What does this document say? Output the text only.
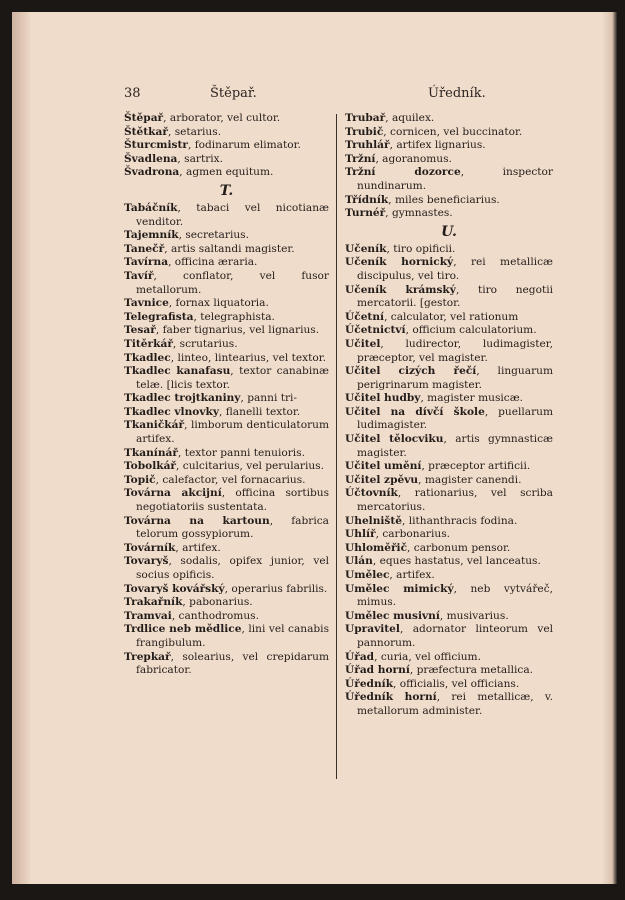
38	Štěpař.	Úředník.

Štěpař, arborator, vel cultor.

Štětkař, setarius.

Šturcmistr, fodinarum elimator.

Švadlena, sartrix.

Švadrona, agmen equitum.

T.

Tabáčník, tabaci vel nicotianæ venditor.

Tajemník, secretarius.

Tanečř, artis saltandi magister.

Tavírna, officina æraria.

Tavíř, conflator, vel fusor metallorum.

Tavnice, fornax liquatoria.

Telegrafista, telegraphista.

Tesař, faber tignarius, vel lignarius.

Titěrkář, scrutarius.

Tkadlec, linteo, lintearius, vel textor.

Tkadlec kanafasu, textor canabinæ telæ. [licis textor.

Tkadlec trojtkaniny, panni tri-

Tkadlec vlnovky, flanelli textor.

Tkaničkář, limborum denticulatorum artifex.

Tkanínář, textor panni tenuioris.

Tobolkář, culcitarius, vel perularius.

Topič, calefactor, vel fornacarius.

Továrna akcijní, officina sortibus negotiatoriis sustentata.

Továrna na kartoun, fabrica telorum gossypiorum.

Továrník, artifex.

Tovaryš, sodalis, opifex junior, vel socius opificis.

Tovaryš kovářský, operarius fabrilis.

Trakařník, pabonarius.

Tramvai, canthodromus.

Trdlice neb mědlice, lini vel canabis frangibulum.

Trepkař, solearius, vel crepidarum fabricator.

Trubař, aquilex.

Trubič, cornicen, vel buccinator.

Truhlář, artifex lignarius.

Tržní, agoranomus.

Tržní dozorce, inspector nundinarum.

Třídník, miles beneficiarius.

Turnéř, gymnastes.

U.

Učeník, tiro opificii.

Učeník hornický, rei metallicæ discipulus, vel tiro.

Učeník krámský, tiro negotii mercatorii. [gestor.

Účetní, calculator, vel rationum

Účetnictví, officium calculatorium.

Učitel, ludirector, ludimagister, præceptor, vel magister.

Učitel cizých řečí, linguarum perigrinarum magister.

Učitel hudby, magister musicæ.

Učitel na dívčí škole, puellarum ludimagister.

Učitel tělocviku, artis gymnasticæ magister.

Učitel umění, præceptor artificii.

Učitel zpěvu, magister canendi.

Účtovník, rationarius, vel scriba mercatorius.

Uhelniště, lithanthracis fodina.

Uhlíř, carbonarius.

Uhloměřič, carbonum pensor.

Ulán, eques hastatus, vel lanceatus.

Umělec, artifex.

Umělec mimický, neb vytvářeč, mimus.

Umělec musivní, musivarius.

Upravitel, adornator linteorum vel pannorum.

Úřad, curia, vel officium.

Úřad horní, præfectura metallica.

Úředník, officialis, vel officians.

Úředník horní, rei metallicæ, v. metallorum administer.
